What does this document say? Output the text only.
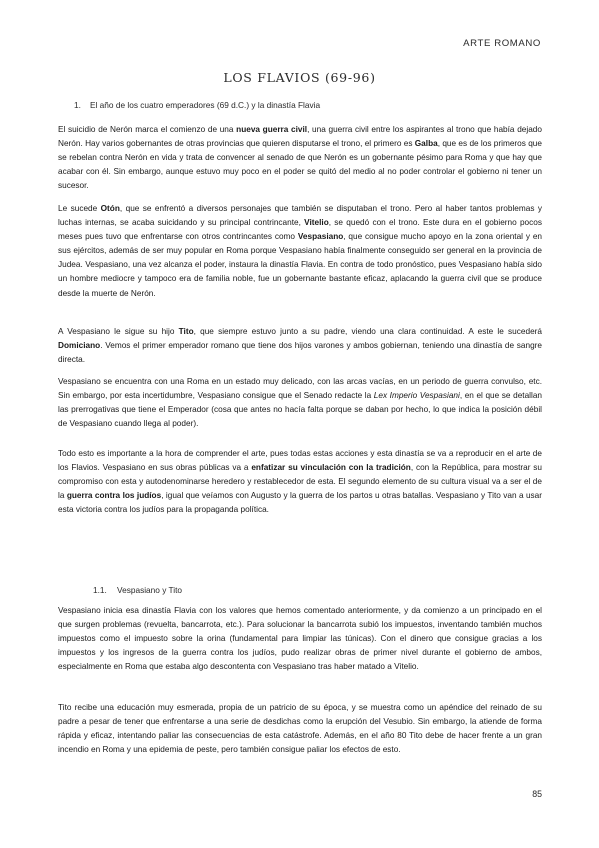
ARTE ROMANO
LOS FLAVIOS (69-96)
1. El año de los cuatro emperadores (69 d.C.) y la dinastía Flavia

El suicidio de Nerón marca el comienzo de una nueva guerra civil, una guerra civil entre los aspirantes al trono que había dejado Nerón. Hay varios gobernantes de otras provincias que quieren disputarse el trono, el primero es Galba, que es de los primeros que se rebelan contra Nerón en vida y trata de convencer al senado de que Nerón es un gobernante pésimo para Roma y que hay que acabar con él. Sin embargo, aunque estuvo muy poco en el poder se quitó del medio al no poder controlar el gobierno ni tener un sucesor.

Le sucede Otón, que se enfrentó a diversos personajes que también se disputaban el trono. Pero al haber tantos problemas y luchas internas, se acaba suicidando y su principal contrincante, Vitelio, se quedó con el trono. Este dura en el gobierno pocos meses pues tuvo que enfrentarse con otros contrincantes como Vespasiano, que consigue mucho apoyo en la zona oriental y en sus ejércitos, además de ser muy popular en Roma porque Vespasiano había finalmente conseguido ser general en la provincia de Judea. Vespasiano, una vez alcanza el poder, instaura la dinastía Flavia. En contra de todo pronóstico, pues Vespasiano había sido un hombre mediocre y tampoco era de familia noble, fue un gobernante bastante eficaz, aplacando la guerra civil que se produce desde la muerte de Nerón.

A Vespasiano le sigue su hijo Tito, que siempre estuvo junto a su padre, viendo una clara continuidad. A este le sucederá Domiciano. Vemos el primer emperador romano que tiene dos hijos varones y ambos gobiernan, teniendo una dinastía de sangre directa.

Vespasiano se encuentra con una Roma en un estado muy delicado, con las arcas vacías, en un periodo de guerra convulso, etc. Sin embargo, por esta incertidumbre, Vespasiano consigue que el Senado redacte la Lex Imperio Vespasiani, en el que se detallan las prerrogativas que tiene el Emperador (cosa que antes no hacía falta porque se daban por hecho, lo que indica la posición débil de Vespasiano cuando llega al poder).

Todo esto es importante a la hora de comprender el arte, pues todas estas acciones y esta dinastía se va a reproducir en el arte de los Flavios. Vespasiano en sus obras públicas va a enfatizar su vinculación con la tradición, con la República, para mostrar su compromiso con esta y autodenominarse heredero y restablecedor de esta. El segundo elemento de su cultura visual va a ser el de la guerra contra los judíos, igual que veíamos con Augusto y la guerra de los partos u otras batallas. Vespasiano y Tito van a usar esta victoria contra los judíos para la propaganda política.

1.1. Vespasiano y Tito

Vespasiano inicia esa dinastía Flavia con los valores que hemos comentado anteriormente, y da comienzo a un principado en el que surgen problemas (revuelta, bancarrota, etc.). Para solucionar la bancarrota subió los impuestos, inventando también muchos impuestos como el impuesto sobre la orina (fundamental para limpiar las túnicas). Con el dinero que consigue gracias a los impuestos y los ingresos de la guerra contra los judíos, pudo realizar obras de primer nivel durante el gobierno de ambos, especialmente en Roma que estaba algo descontenta con Vespasiano tras haber matado a Vitelio.

Tito recibe una educación muy esmerada, propia de un patricio de su época, y se muestra como un apéndice del reinado de su padre a pesar de tener que enfrentarse a una serie de desdichas como la erupción del Vesubio. Sin embargo, la atiende de forma rápida y eficaz, intentando paliar las consecuencias de esta catástrofe. Además, en el año 80 Tito debe de hacer frente a un gran incendio en Roma y una epidemia de peste, pero también consigue paliar los efectos de esto.

85
